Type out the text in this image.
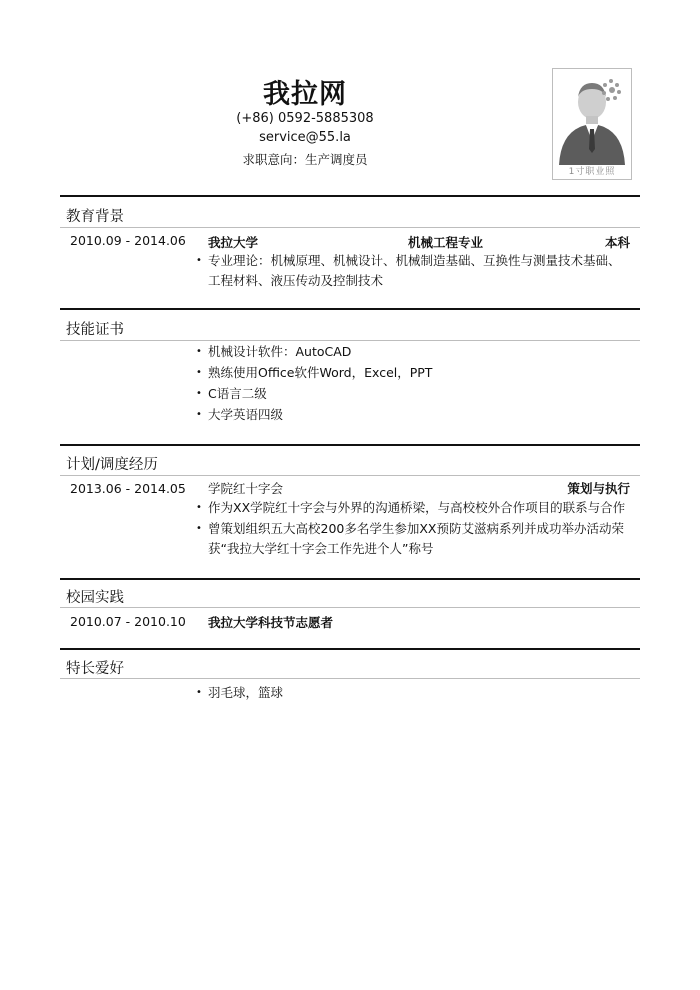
我拉网
(+86) 0592-5885308
service@55.la
求职意向：生产调度员
1寸职业照
教育背景
2010.09 - 2014.06 我拉大学	机械工程专业	本科
• 专业理论：机械原理、机械设计、机械制造基础、互换性与测量技术基础、工程材料、液压传动及控制技术
技能证书
• 机械设计软件：AutoCAD
• 熟练使用Office软件Word，Excel，PPT
• C语言二级
• 大学英语四级
计划/调度经历
2013.06 - 2014.05 学院红十字会	策划与执行
• 作为XX学院红十字会与外界的沟通桥梁，与高校校外合作项目的联系与合作
• 曾策划组织五大高校200多名学生参加XX预防艾滋病系列并成功举办活动荣获“我拉大学红十字会工作先进个人”称号
校园实践
2010.07 - 2010.10 我拉大学科技节志愿者
特长爱好
• 羽毛球，篮球
